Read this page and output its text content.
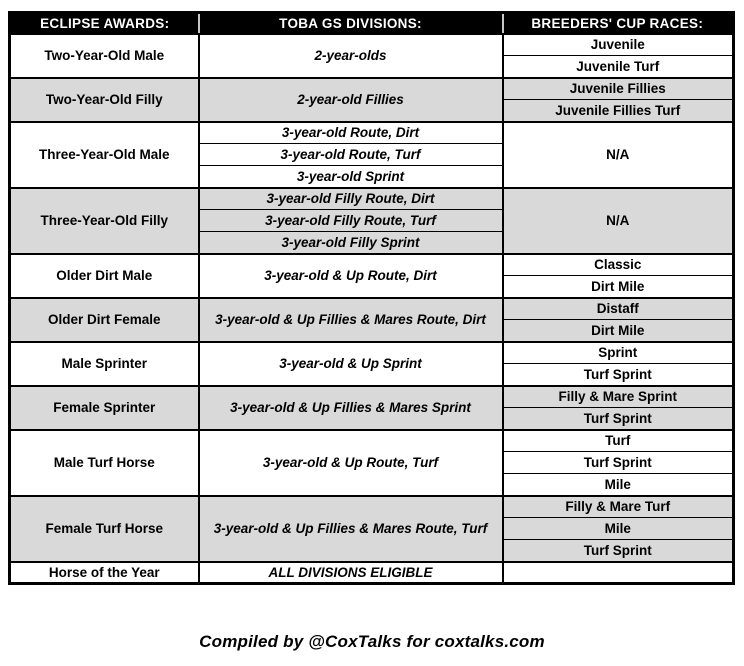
ECLIPSE AWARDS:	TOBA GS DIVISIONS:	BREEDERS' CUP RACES:
Two-Year-Old Male	2-year-olds	Juvenile
		Juvenile Turf
Two-Year-Old Filly	2-year-old Fillies	Juvenile Fillies
		Juvenile Fillies Turf
Three-Year-Old Male	3-year-old Route, Dirt	N/A
	3-year-old Route, Turf	
	3-year-old Sprint	
Three-Year-Old Filly	3-year-old Filly Route, Dirt	N/A
	3-year-old Filly Route, Turf	
	3-year-old Filly Sprint	
Older Dirt Male	3-year-old & Up Route, Dirt	Classic
		Dirt Mile
Older Dirt Female	3-year-old & Up Fillies & Mares Route, Dirt	Distaff
		Dirt Mile
Male Sprinter	3-year-old & Up Sprint	Sprint
		Turf Sprint
Female Sprinter	3-year-old & Up Fillies & Mares Sprint	Filly & Mare Sprint
		Turf Sprint
Male Turf Horse	3-year-old & Up Route, Turf	Turf
		Turf Sprint
		Mile
Female Turf Horse	3-year-old & Up Fillies & Mares Route, Turf	Filly & Mare Turf
		Mile
		Turf Sprint
Horse of the Year	ALL DIVISIONS ELIGIBLE	
Compiled by @CoxTalks for coxtalks.com
